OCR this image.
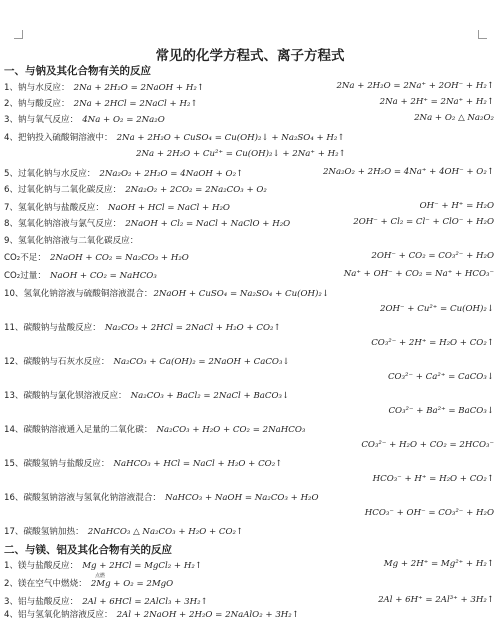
常见的化学方程式、离子方程式
一、与钠及其化合物有关的反应
1、钠与水反应： 2Na + 2H₂O = 2NaOH + H₂↑	2Na + 2H₂O = 2Na⁺ + 2OH⁻ + H₂↑
2、钠与酸反应： 2Na + 2HCl = 2NaCl + H₂↑	2Na + 2H⁺ = 2Na⁺ + H₂↑
3、钠与氧气反应： 4Na + O₂ = 2Na₂O	2Na + O₂ △ Na₂O₂
4、把钠投入硫酸铜溶液中： 2Na + 2H₂O + CuSO₄ = Cu(OH)₂↓ + Na₂SO₄ + H₂↑
2Na + 2H₂O + Cu²⁺ = Cu(OH)₂↓ + 2Na⁺ + H₂↑
5、过氧化钠与水反应： 2Na₂O₂ + 2H₂O = 4NaOH + O₂↑	2Na₂O₂ + 2H₂O = 4Na⁺ + 4OH⁻ + O₂↑
6、过氧化钠与二氧化碳反应： 2Na₂O₂ + 2CO₂ = 2Na₂CO₃ + O₂
7、氢氧化钠与盐酸反应： NaOH + HCl = NaCl + H₂O	OH⁻ + H⁺ = H₂O
8、氢氧化钠溶液与氯气反应： 2NaOH + Cl₂ = NaCl + NaClO + H₂O	2OH⁻ + Cl₂ = Cl⁻ + ClO⁻ + H₂O
9、氢氧化钠溶液与二氧化碳反应：
CO₂不足： 2NaOH + CO₂ = Na₂CO₃ + H₂O	2OH⁻ + CO₂ = CO₃²⁻ + H₂O
CO₂过量： NaOH + CO₂ = NaHCO₃	Na⁺ + OH⁻ + CO₂ = Na⁺ + HCO₃⁻
10、氢氧化钠溶液与硫酸铜溶液混合：2NaOH + CuSO₄ = Na₂SO₄ + Cu(OH)₂↓
2OH⁻ + Cu²⁺ = Cu(OH)₂↓
11、碳酸钠与盐酸反应： Na₂CO₃ + 2HCl = 2NaCl + H₂O + CO₂↑
CO₃²⁻ + 2H⁺ = H₂O + CO₂↑
12、碳酸钠与石灰水反应： Na₂CO₃ + Ca(OH)₂ = 2NaOH + CaCO₃↓
CO₃²⁻ + Ca²⁺ = CaCO₃↓
13、碳酸钠与氯化钡溶液反应： Na₂CO₃ + BaCl₂ = 2NaCl + BaCO₃↓
CO₃²⁻ + Ba²⁺ = BaCO₃↓
14、碳酸钠溶液通入足量的二氧化碳： Na₂CO₃ + H₂O + CO₂ = 2NaHCO₃
CO₃²⁻ + H₂O + CO₂ = 2HCO₃⁻
15、碳酸氢钠与盐酸反应： NaHCO₃ + HCl = NaCl + H₂O + CO₂↑
HCO₃⁻ + H⁺ = H₂O + CO₂↑
16、碳酸氢钠溶液与氢氧化钠溶液混合： NaHCO₃ + NaOH = Na₂CO₃ + H₂O
HCO₃⁻ + OH⁻ = CO₃²⁻ + H₂O
17、碳酸氢钠加热： 2NaHCO₃ △ Na₂CO₃ + H₂O + CO₂↑
二、与镁、铝及其化合物有关的反应
1、镁与盐酸反应： Mg + 2HCl = MgCl₂ + H₂↑	Mg + 2H⁺ = Mg²⁺ + H₂↑
点燃
2、镁在空气中燃烧： 2Mg + O₂ = 2MgO
3、铝与盐酸反应： 2Al + 6HCl = 2AlCl₃ + 3H₂↑	2Al + 6H⁺ = 2Al³⁺ + 3H₂↑
4、铝与氢氧化钠溶液反应： 2Al + 2NaOH + 2H₂O = 2NaAlO₂ + 3H₂↑
